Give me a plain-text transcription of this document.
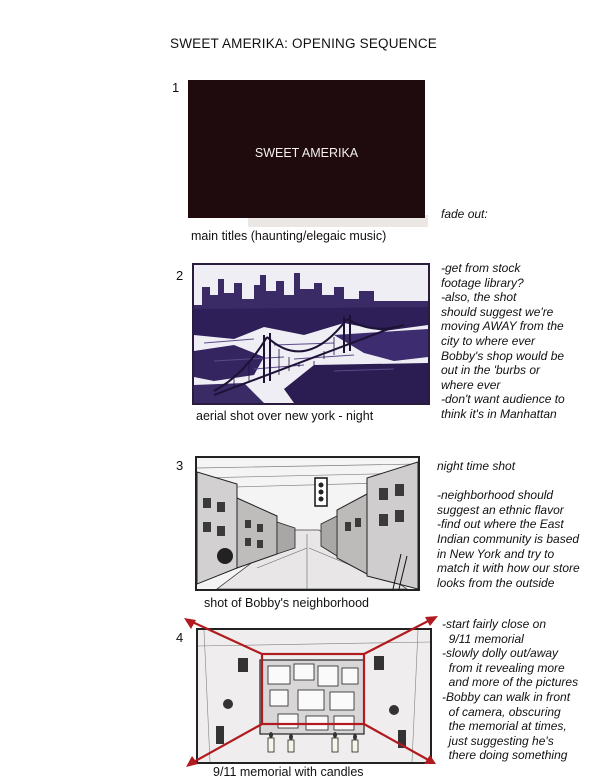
SWEET AMERIKA: OPENING SEQUENCE
1
SWEET AMERIKA
main titles (haunting/elegaic music)
fade out:
2
aerial shot over new york - night
-get from stock
footage library?
-also, the shot
should suggest we're
moving AWAY from the
city to where ever
Bobby's shop would be
out in the 'burbs or
where ever
-don't want audience to
think it's in Manhattan
3
shot of Bobby's neighborhood
night time shot
-neighborhood should
suggest an ethnic flavor
-find out where the East
Indian community is based
in New York and try to
match it with how our store
looks from the outside
4
9/11 memorial with candles
-start fairly close on
9/11 memorial
-slowly dolly out/away
from it revealing more
and more of the pictures
-Bobby can walk in front
of camera, obscuring
the memorial at times,
just suggesting he's
there doing something
